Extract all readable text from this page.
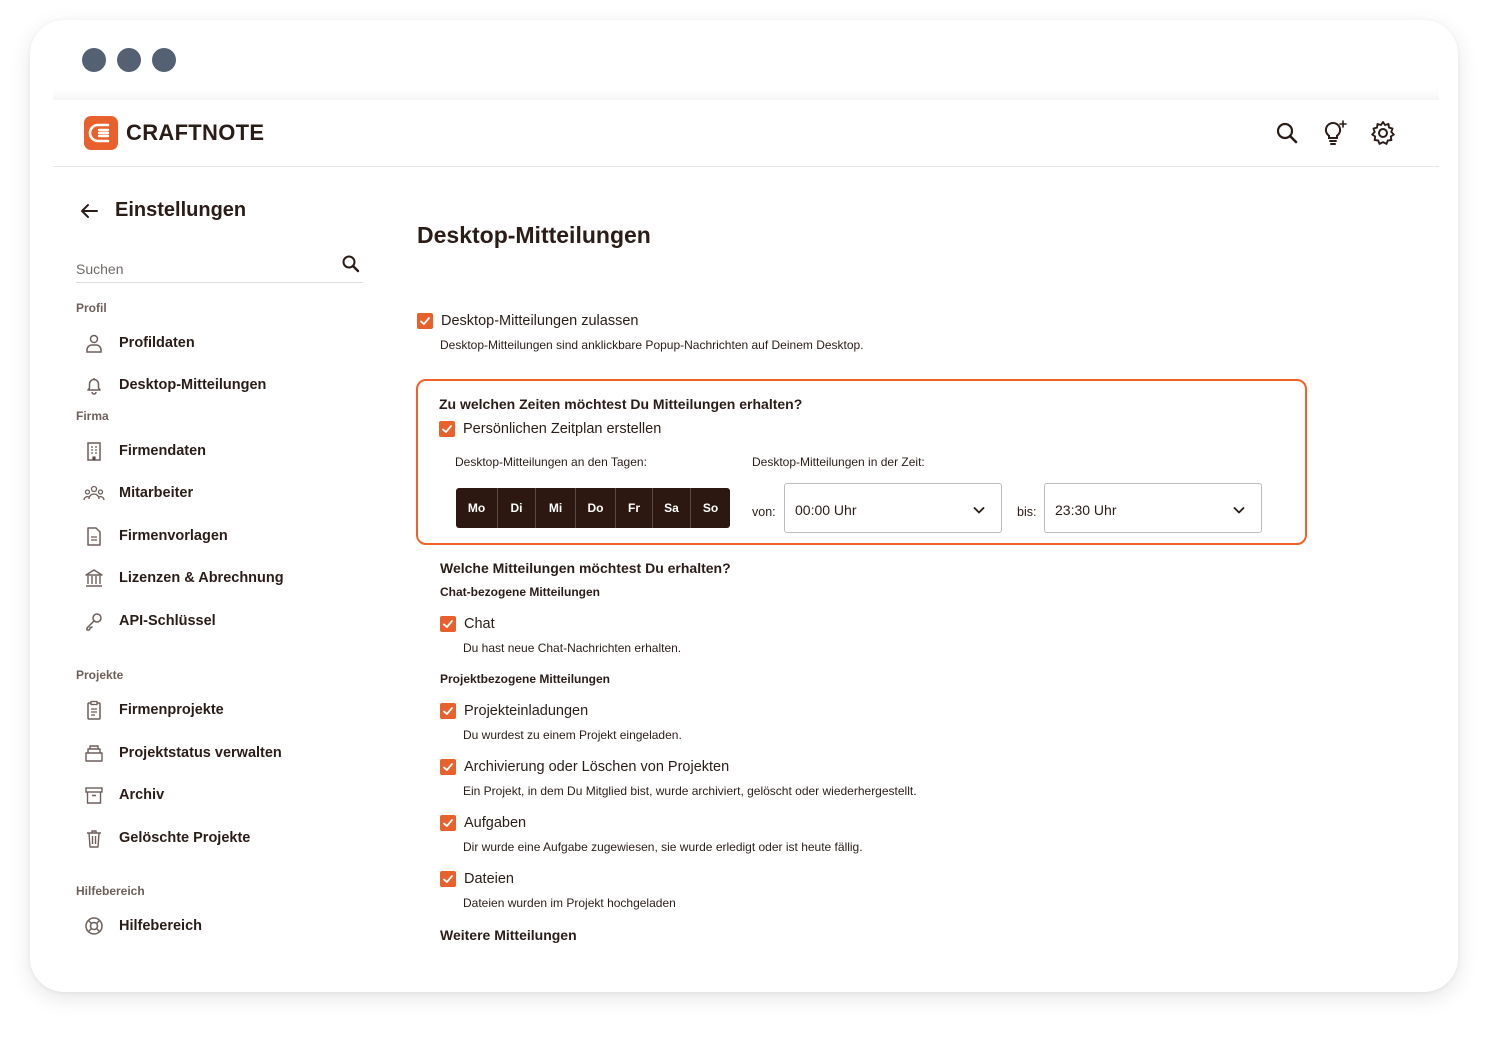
CRAFTNOTE
Einstellungen
Suchen
Profil
Profildaten
Desktop-Mitteilungen
Firma
Firmendaten
Mitarbeiter
Firmenvorlagen
Lizenzen & Abrechnung
API-Schlüssel
Projekte
Firmenprojekte
Projektstatus verwalten
Archiv
Gelöschte Projekte
Hilfebereich
Hilfebereich
Desktop-Mitteilungen
Desktop-Mitteilungen zulassen
Desktop-Mitteilungen sind anklickbare Popup-Nachrichten auf Deinem Desktop.
Zu welchen Zeiten möchtest Du Mitteilungen erhalten?
Persönlichen Zeitplan erstellen
Desktop-Mitteilungen an den Tagen:	Desktop-Mitteilungen in der Zeit:
Mo	Di	Mi	Do	Fr	Sa	So	von: 00:00 Uhr	bis: 23:30 Uhr
Welche Mitteilungen möchtest Du erhalten?
Chat-bezogene Mitteilungen
Chat
Du hast neue Chat-Nachrichten erhalten.
Projektbezogene Mitteilungen
Projekteinladungen
Du wurdest zu einem Projekt eingeladen.
Archivierung oder Löschen von Projekten
Ein Projekt, in dem Du Mitglied bist, wurde archiviert, gelöscht oder wiederhergestellt.
Aufgaben
Dir wurde eine Aufgabe zugewiesen, sie wurde erledigt oder ist heute fällig.
Dateien
Dateien wurden im Projekt hochgeladen
Weitere Mitteilungen
